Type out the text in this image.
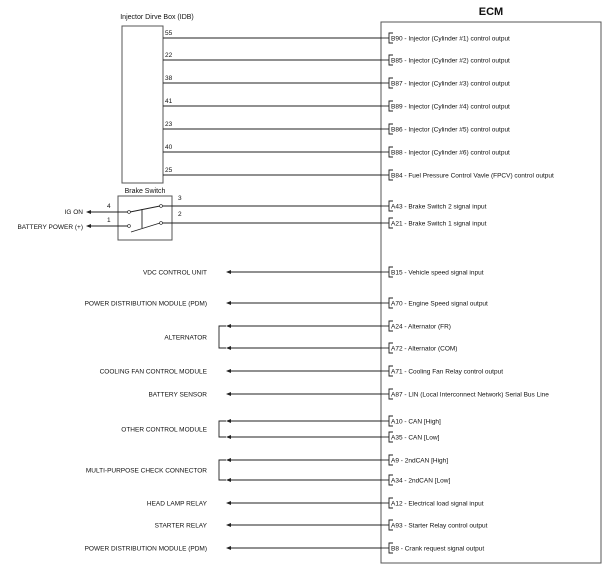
ECM
Injector Dirve Box (IDB)
55
B90 - Injector (Cylinder #1) control output
22
B85 - Injector (Cylinder #2) control output
38
B87 - Injector (Cylinder #3) control output
41
B89 - Injector (Cylinder #4) control output
23
B86 - Injector (Cylinder #5) control output
40
B88 - Injector (Cylinder #6) control output
25
B84 - Fuel Pressure Control Vavle (FPCV) control output
Brake Switch
4
1
3
2
IG ON
BATTERY POWER (+)
A43 - Brake Switch 2 signal input
A21 - Brake Switch 1 signal input
VDC CONTROL UNIT	B15 - Vehicle speed signal input
POWER DISTRIBUTION MODULE (PDM)	A70 - Engine Speed signal output
ALTERNATOR
A24 - Alternator (FR)
A72 - Alternator (COM)
COOLING FAN CONTROL MODULE	A71 - Cooling Fan Relay control output
BATTERY SENSOR	A87 - LIN (Local Interconnect Network) Serial Bus Line
OTHER CONTROL MODULE
A10 - CAN [High]
A35 - CAN [Low]
MULTI-PURPOSE CHECK CONNECTOR
A9 - 2ndCAN [High]
A34 - 2ndCAN [Low]
HEAD LAMP RELAY	A12 - Electrical load signal input
STARTER RELAY	A93 - Starter Relay control output
POWER DISTRIBUTION MODULE (PDM)	B8 - Crank request signal output
